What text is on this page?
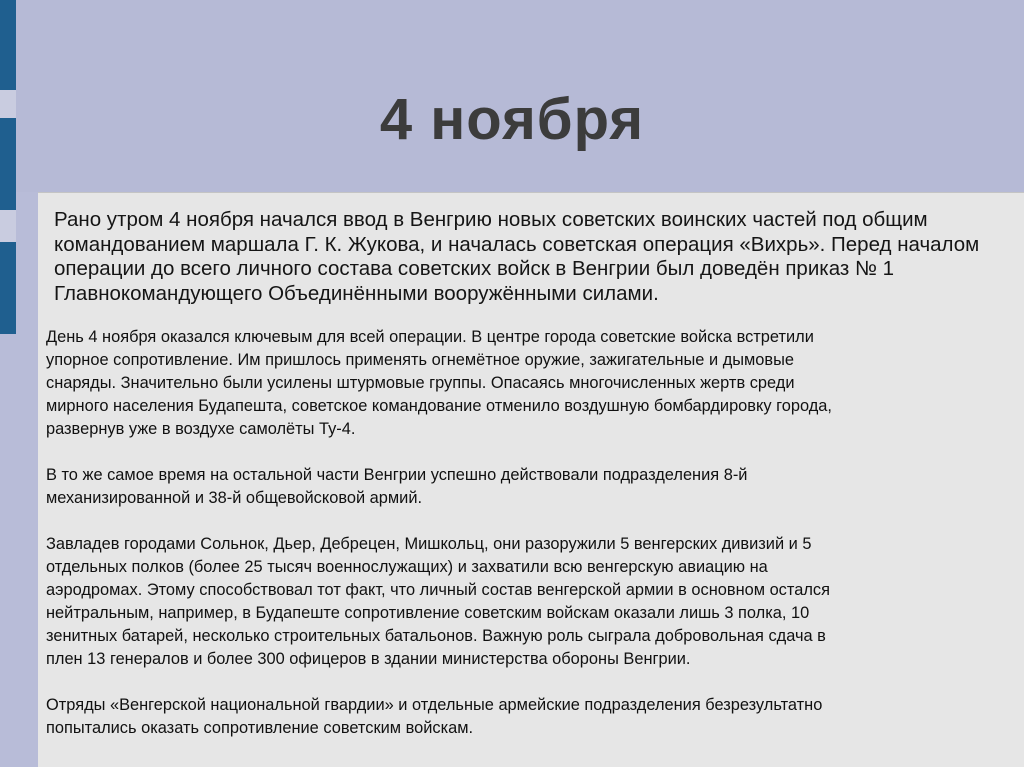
4 ноября

Рано утром 4 ноября начался ввод в Венгрию новых советских воинских частей под общим командованием маршала Г. К. Жукова, и началась советская операция «Вихрь». Перед началом операции до всего личного состава советских войск в Венгрии был доведён приказ № 1 Главнокомандующего Объединёнными вооружёнными силами.

День 4 ноября оказался ключевым для всей операции. В центре города советские войска встретили
упорное сопротивление. Им пришлось применять огнемётное оружие, зажигательные и дымовые
снаряды. Значительно были усилены штурмовые группы. Опасаясь многочисленных жертв среди
мирного населения Будапешта, советское командование отменило воздушную бомбардировку города,
развернув уже в воздухе самолёты Ту-4.

В то же самое время на остальной части Венгрии успешно действовали подразделения 8-й
механизированной и 38-й общевойсковой армий.

Завладев городами Сольнок, Дьер, Дебрецен, Мишкольц, они разоружили 5 венгерских дивизий и 5
отдельных полков (более 25 тысяч военнослужащих) и захватили всю венгерскую авиацию на
аэродромах. Этому способствовал тот факт, что личный состав венгерской армии в основном остался
нейтральным, например, в Будапеште сопротивление советским войскам оказали лишь 3 полка, 10
зенитных батарей, несколько строительных батальонов. Важную роль сыграла добровольная сдача в
плен 13 генералов и более 300 офицеров в здании министерства обороны Венгрии.

Отряды «Венгерской национальной гвардии» и отдельные армейские подразделения безрезультатно
попытались оказать сопротивление советским войскам.
